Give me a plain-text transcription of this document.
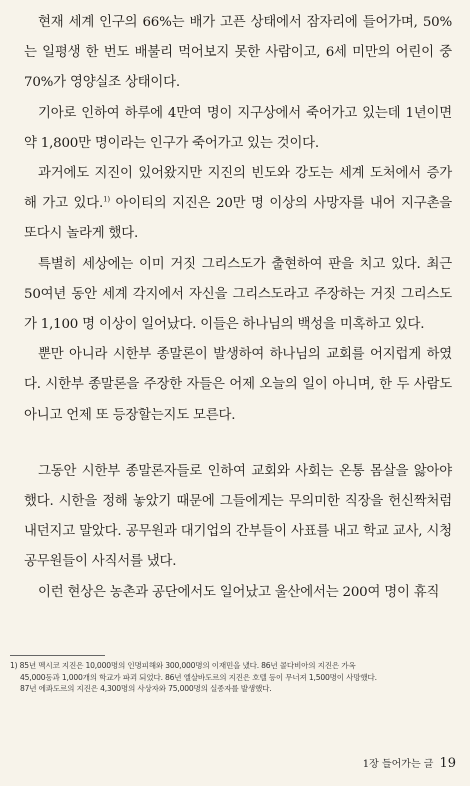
현재 세계 인구의 66%는 배가 고픈 상태에서 잠자리에 들어가며, 50%는 일평생 한 번도 배불리 먹어보지 못한 사람이고, 6세 미만의 어린이 중 70%가 영양실조 상태이다.

기아로 인하여 하루에 4만여 명이 지구상에서 죽어가고 있는데 1년이면 약 1,800만 명이라는 인구가 죽어가고 있는 것이다.

과거에도 지진이 있어왔지만 지진의 빈도와 강도는 세계 도처에서 증가해 가고 있다.$^{1)}$ 아이티의 지진은 20만 명 이상의 사망자를 내어 지구촌을 또다시 놀라게 했다.

특별히 세상에는 이미 거짓 그리스도가 출현하여 판을 치고 있다. 최근 50여년 동안 세계 각지에서 자신을 그리스도라고 주장하는 거짓 그리스도가 1,100 명 이상이 일어났다. 이들은 하나님의 백성을 미혹하고 있다.

뿐만 아니라 시한부 종말론이 발생하여 하나님의 교회를 어지럽게 하였다. 시한부 종말론을 주장한 자들은 어제 오늘의 일이 아니며, 한 두 사람도 아니고 언제 또 등장할는지도 모른다.

그동안 시한부 종말론자들로 인하여 교회와 사회는 온통 몸살을 앓아야 했다. 시한을 정해 놓았기 때문에 그들에게는 무의미한 직장을 헌신짝처럼 내던지고 말았다. 공무원과 대기업의 간부들이 사표를 내고 학교 교사, 시청 공무원들이 사직서를 냈다.

이런 현상은 농촌과 공단에서도 일어났고 울산에서는 200여 명이 휴직

1) 85년 멕시코 지진은 10,000명의 인명피해와 300,000명의 이재민을 냈다. 86년 콜다비아의 지진은 가옥

45,000동과 1,000개의 학교가 파괴 되었다. 86년 엘살바도르의 지진은 호텔 등이 무너져 1,500명이 사망했다.

87년 에콰도르의 지진은 4,300명의 사상자와 75,000명의 실종자를 발생했다.

1장 들어가는 글 19
